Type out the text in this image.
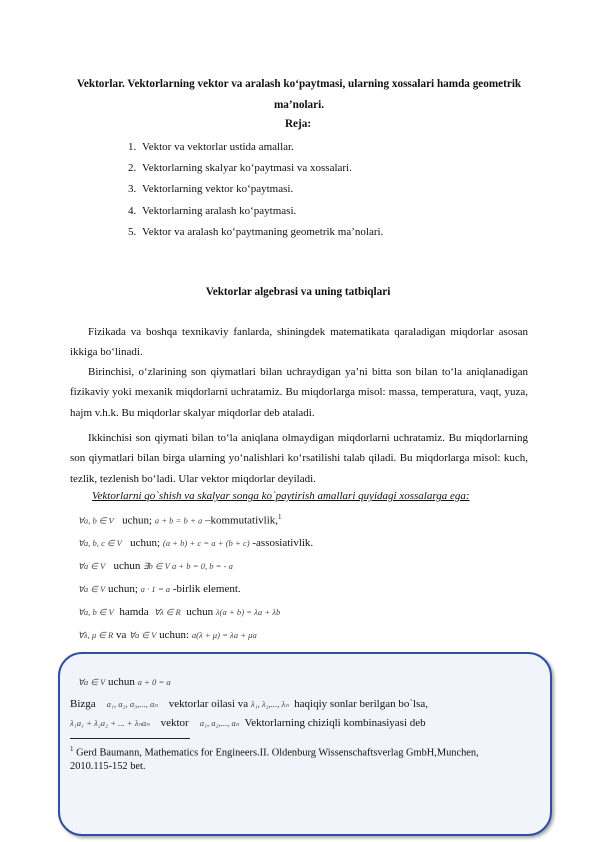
Vektorlar. Vektorlarning vektor va aralash ko‘paytmasi, ularning xossalari hamda geometrik ma’nolari.
Reja:
1. Vektor va vektorlar ustida amallar.
2. Vektorlarning skalyar ko‘paytmasi va xossalari.
3. Vektorlarning vektor ko‘paytmasi.
4. Vektorlarning aralash ko‘paytmasi.
5. Vektor va aralash ko‘paytmaning geometrik ma’nolari.
Vektorlar algebrasi va uning tatbiqlari

Fizikada va boshqa texnikaviy fanlarda, shiningdek matematikata qaraladigan miqdorlar asosan ikkiga bo‘linadi.

Birinchisi, o‘zlarining son qiymatlari bilan uchraydigan ya’ni bitta son bilan to‘la aniqlanadigan fizikaviy yoki mexanik miqdorlarni uchratamiz. Bu miqdorlarga misol: massa, temperatura, vaqt, yuza, hajm v.h.k. Bu miqdorlar skalyar miqdorlar deb ataladi.

Ikkinchisi son qiymati bilan to‘la aniqlana olmaydigan miqdorlarni uchratamiz. Bu miqdorlarning son qiymatlari bilan birga ularning yo‘nalishlari ko‘rsatilishi talab qiladi. Bu miqdorlarga misol: kuch, tezlik, tezlenish bo‘ladi. Ular vektor miqdorlar deyiladi.

Vektorlarni qo`shish va skalyar songa ko`paytirish amallari quyidagi xossalarga ega:
∀a, b ∈ V uchun; a + b = b + a –kommutativlik,$^1$
∀a, b, c ∈ V uchun; (a + b) + c = a + (b + c) -assosiativlik.
∀a ∈ V uchun ∃b ∈ V a + b = 0, b = - a
∀a ∈ V uchun; a · 1 = a -birlik element.
∀a, b ∈ V hamda ∀λ ∈ R uchun λ(a + b) = λa + λb
∀λ, μ ∈ R va ∀a ∈ V uchun: a(λ + μ) = λa + μa
∀a ∈ V uchun a + 0 = a
Bizga a₁, a₂, a₃,..., aₙ vektorlar oilasi va λ₁, λ₂,..., λₙ haqiqiy sonlar berilgan bo`lsa,
λ₁a₁ + λ₂a₂ + ... + λₙaₙ vektor a₁, a₂,..., aₙ Vektorlarning chiziqli kombinasiyasi deb
$^1$ Gerd Baumann, Mathematics for Engineers.II. Oldenburg Wissenschaftsverlag GmbH,Munchen, 2010.115-152 bet.
